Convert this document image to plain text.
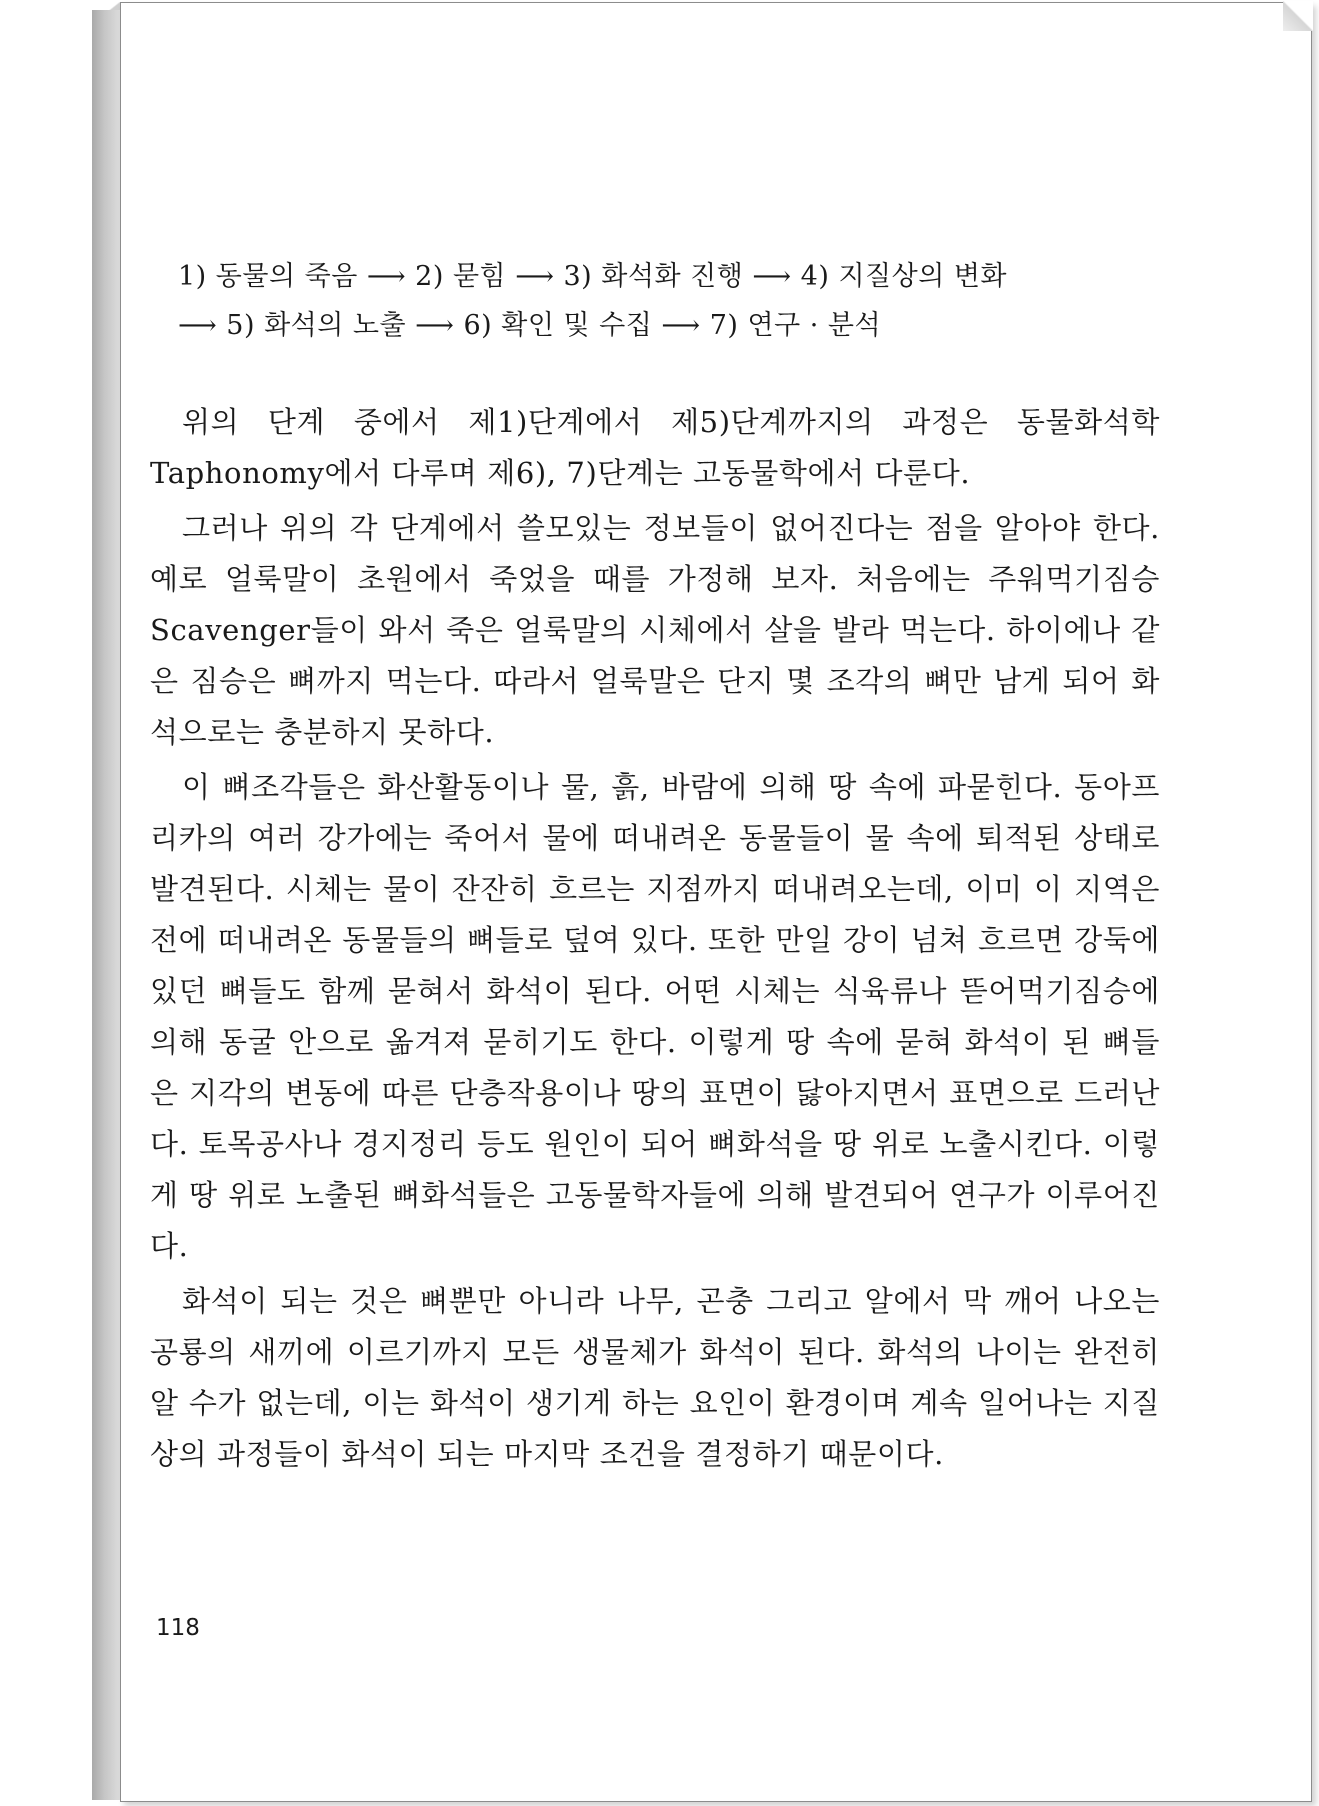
1) 동물의 죽음 ⟶ 2) 묻힘 ⟶ 3) 화석화 진행 ⟶ 4) 지질상의 변화
⟶ 5) 화석의 노출 ⟶ 6) 확인 및 수집 ⟶ 7) 연구 · 분석

위의 단계 중에서 제1)단계에서 제5)단계까지의 과정은 동물화석학 Taphonomy에서 다루며 제6), 7)단계는 고동물학에서 다룬다.

그러나 위의 각 단계에서 쓸모있는 정보들이 없어진다는 점을 알아야 한다. 예로 얼룩말이 초원에서 죽었을 때를 가정해 보자. 처음에는 주워먹기짐승Scavenger들이 와서 죽은 얼룩말의 시체에서 살을 발라 먹는다. 하이에나 같은 짐승은 뼈까지 먹는다. 따라서 얼룩말은 단지 몇 조각의 뼈만 남게 되어 화석으로는 충분하지 못하다.

이 뼈조각들은 화산활동이나 물, 흙, 바람에 의해 땅 속에 파묻힌다. 동아프리카의 여러 강가에는 죽어서 물에 떠내려온 동물들이 물 속에 퇴적된 상태로 발견된다. 시체는 물이 잔잔히 흐르는 지점까지 떠내려오는데, 이미 이 지역은 전에 떠내려온 동물들의 뼈들로 덮여 있다. 또한 만일 강이 넘쳐 흐르면 강둑에 있던 뼈들도 함께 묻혀서 화석이 된다. 어떤 시체는 식육류나 뜯어먹기짐승에 의해 동굴 안으로 옮겨져 묻히기도 한다. 이렇게 땅 속에 묻혀 화석이 된 뼈들은 지각의 변동에 따른 단층작용이나 땅의 표면이 닳아지면서 표면으로 드러난다. 토목공사나 경지정리 등도 원인이 되어 뼈화석을 땅 위로 노출시킨다. 이렇게 땅 위로 노출된 뼈화석들은 고동물학자들에 의해 발견되어 연구가 이루어진다.

화석이 되는 것은 뼈뿐만 아니라 나무, 곤충 그리고 알에서 막 깨어 나오는 공룡의 새끼에 이르기까지 모든 생물체가 화석이 된다. 화석의 나이는 완전히 알 수가 없는데, 이는 화석이 생기게 하는 요인이 환경이며 계속 일어나는 지질상의 과정들이 화석이 되는 마지막 조건을 결정하기 때문이다.

118
